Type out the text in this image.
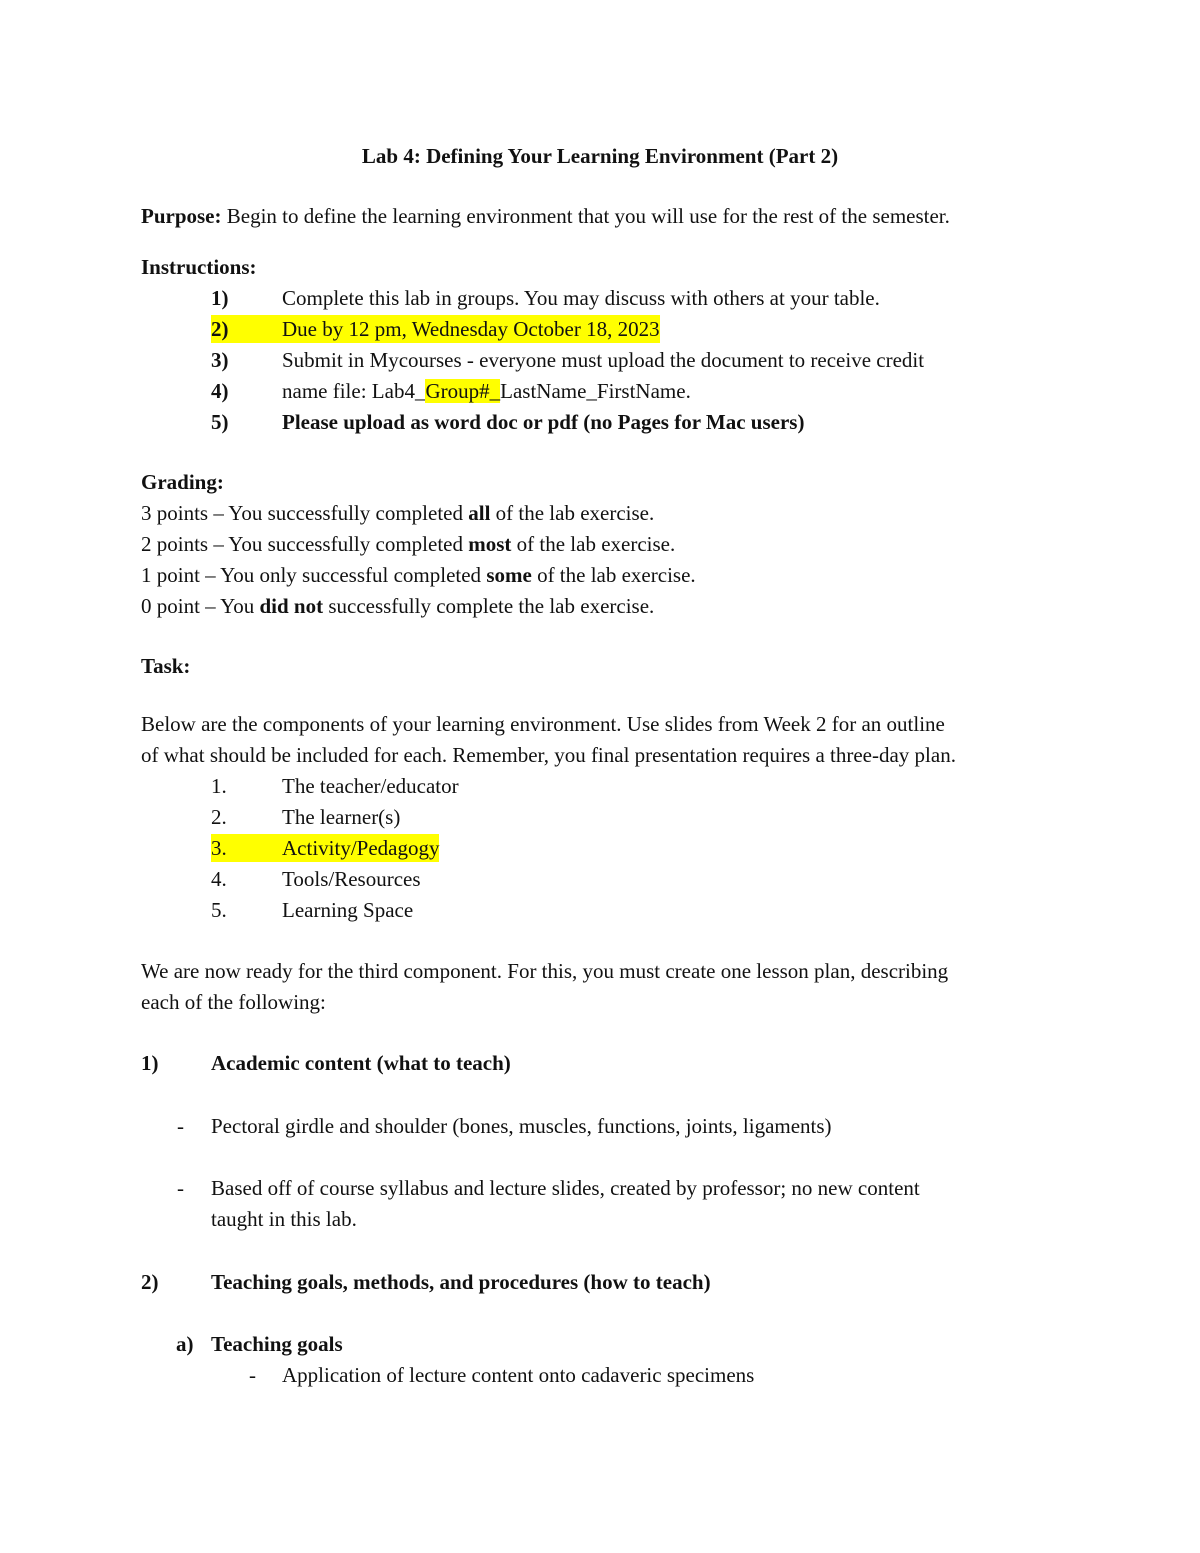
Lab 4: Defining Your Learning Environment (Part 2)
Purpose: Begin to define the learning environment that you will use for the rest of the semester.
Instructions:
1)	Complete this lab in groups. You may discuss with others at your table.
2)	Due by 12 pm, Wednesday October 18, 2023
3)	Submit in Mycourses - everyone must upload the document to receive credit
4)	name file: Lab4_Group#_LastName_FirstName.
5)	Please upload as word doc or pdf (no Pages for Mac users)
Grading:
3 points – You successfully completed all of the lab exercise.
2 points – You successfully completed most of the lab exercise.
1 point – You only successful completed some of the lab exercise.
0 point – You did not successfully complete the lab exercise.
Task:
Below are the components of your learning environment. Use slides from Week 2 for an outline
of what should be included for each. Remember, you final presentation requires a three-day plan.
1.	The teacher/educator
2.	The learner(s)
3.	Activity/Pedagogy
4.	Tools/Resources
5.	Learning Space
We are now ready for the third component. For this, you must create one lesson plan, describing
each of the following:
1)	Academic content (what to teach)
- Pectoral girdle and shoulder (bones, muscles, functions, joints, ligaments)
- Based off of course syllabus and lecture slides, created by professor; no new content
taught in this lab.
2)	Teaching goals, methods, and procedures (how to teach)
a) Teaching goals
- Application of lecture content onto cadaveric specimens
